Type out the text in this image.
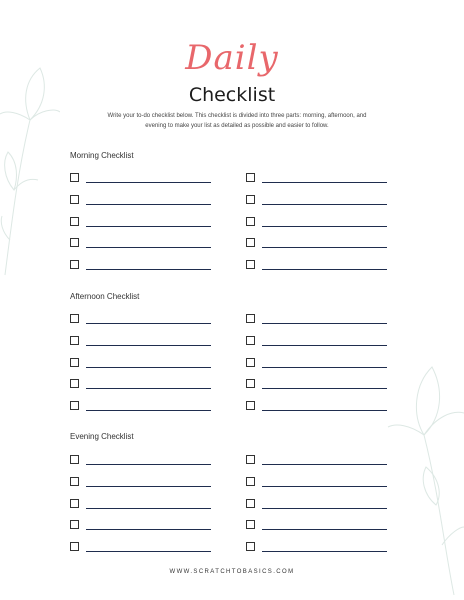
Daily
Checklist
Write your to-do checklist below. This checklist is divided into three parts: morning, afternoon, and evening to make your list as detailed as possible and easier to follow.
Morning Checklist
Afternoon Checklist
Evening Checklist
WWW.SCRATCHTOBASICS.COM
